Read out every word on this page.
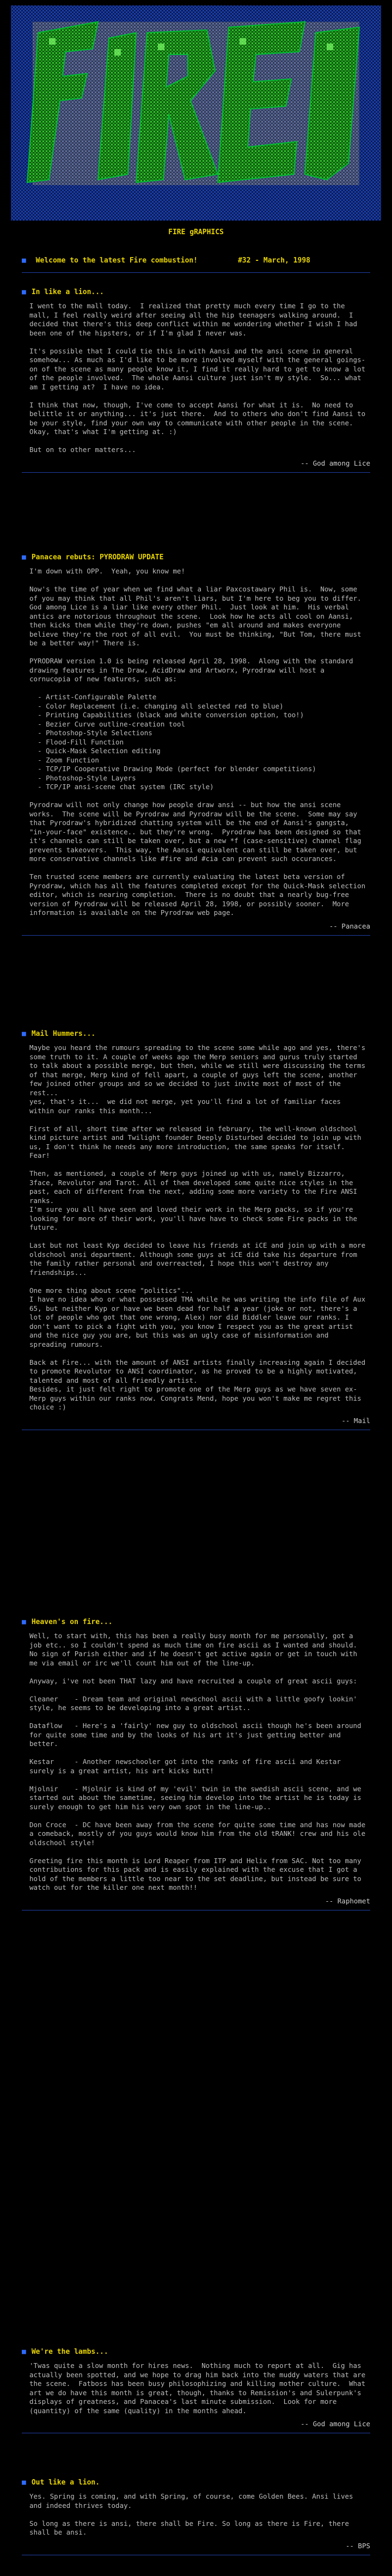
FIRE gRAPHICS
■ Welcome to the latest Fire combustion!	#32 - March, 1998
■ In like a lion...
I went to the mall today.  I realized that pretty much every time I go to the mall, I feel really weird after seeing all the hip teenagers walking around.  I decided that there's this deep conflict within me wondering whether I wish I had been one of the hipsters, or if I'm glad I never was.

It's possible that I could tie this in with Aansi and the ansi scene in general somehow... As much as I'd like to be more involved myself with the general goings-on of the scene as many people know it, I find it really hard to get to know a lot of the people involved.  The whole Aansi culture just isn't my style.  So... what am I getting at?  I have no idea.

I think that now, though, I've come to accept Aansi for what it is.  No need to belittle it or anything... it's just there.  And to others who don't find Aansi to be your style, find your own way to communicate with other people in the scene.  Okay, that's what I'm getting at. :)

But on to other matters...
-- God among Lice
■ Panacea rebuts: PYRODRAW UPDATE
I'm down with OPP.  Yeah, you know me!

Now's the time of year when we find what a liar Paxcostawary Phil is.  Now, some of you may think that all Phil's aren't liars, but I'm here to beg you to differ.  God among Lice is a liar like every other Phil.  Just look at him.  His verbal antics are notorious throughout the scene.  Look how he acts all cool on Aansi, then kicks them while they're down, pushes "em all around and makes everyone believe they're the root of all evil.  You must be thinking, "But Tom, there must be a better way!" There is.

PYRODRAW version 1.0 is being released April 28, 1998.  Along with the standard drawing features in The Draw, AcidDraw and Artworx, Pyrodraw will host a cornucopia of new features, such as:

- Artist-Configurable Palette
- Color Replacement (i.e. changing all selected red to blue)
- Printing Capabilities (black and white conversion option, too!)
- Bezier Curve outline-creation tool
- Photoshop-Style Selections
- Flood-Fill Function
- Quick-Mask Selection editing
- Zoom Function
- TCP/IP Cooperative Drawing Mode (perfect for blender competitions)
- Photoshop-Style Layers
- TCP/IP ansi-scene chat system (IRC style)

Pyrodraw will not only change how people draw ansi -- but how the ansi scene works.  The scene will be Pyrodraw and Pyrodraw will be the scene.  Some may say that Pyrodraw's hybridized chatting system will be the end of Aansi's gangsta, "in-your-face" existence.. but they're wrong.  Pyrodraw has been designed so that it's channels can still be taken over, but a new *f (case-sensitive) channel flag prevents takeovers.  This way, the Aansi equivalent can still be taken over, but more conservative channels like #fire and #cia can prevent such occurances.

Ten trusted scene members are currently evaluating the latest beta version of Pyrodraw, which has all the features completed except for the Quick-Mask selection editor, which is nearing completion.  There is no doubt that a nearly bug-free version of Pyrodraw will be released April 28, 1998, or possibly sooner.  More information is available on the Pyrodraw web page.
-- Panacea
■ Mail Hummers...
Maybe you heard the rumours spreading to the scene some while ago and yes, there's some truth to it. A couple of weeks ago the Merp seniors and gurus truly started to talk about a possible merge, but then, while we still were discussing the terms of that merge, Merp kind of fell apart, a couple of guys left the scene, another few joined other groups and so we decided to just invite most of most of the rest...
yes, that's it...  we did not merge, yet you'll find a lot of familiar faces within our ranks this month...

First of all, short time after we released in february, the well-known oldschool kind picture artist and Twilight founder Deeply Disturbed decided to join up with us, I don't think he needs any more introduction, the same speaks for itself. Fear!

Then, as mentioned, a couple of Merp guys joined up with us, namely Bizzarro, 3face, Revolutor and Tarot. All of them developed some quite nice styles in the past, each of different from the next, adding some more variety to the Fire ANSI ranks.
I'm sure you all have seen and loved their work in the Merp packs, so if you're looking for more of their work, you'll have have to check some Fire packs in the future.

Last but not least Kyp decided to leave his friends at iCE and join up with a more oldschool ansi department. Although some guys at iCE did take his departure from the family rather personal and overreacted, I hope this won't destroy any friendships...

One more thing about scene "politics"...
I have no idea who or what possessed TMA while he was writing the info file of Aux 65, but neither Kyp or have we been dead for half a year (joke or not, there's a lot of people who got that one wrong, Alex) nor did Biddler leave our ranks. I don't want to pick a fight with you, you know I respect you as the great artist and the nice guy you are, but this was an ugly case of misinformation and spreading rumours.

Back at Fire... with the amount of ANSI artists finally increasing again I decided to promote Revolutor to ANSI coordinator, as he proved to be a highly motivated, talented and most of all friendly artist.
Besides, it just felt right to promote one of the Merp guys as we have seven ex-Merp guys within our ranks now. Congrats Mend, hope you won't make me regret this choice :)
-- Mail
■ Heaven's on fire...
Well, to start with, this has been a really busy month for me personally, got a job etc.. so I couldn't spend as much time on fire ascii as I wanted and should.  No sign of Parish either and if he doesn't get active again or get in touch with me via email or irc we'll count him out of the line-up.

Anyway, i've not been THAT lazy and have recruited a couple of great ascii guys:

Cleaner    - Dream team and original newschool ascii with a little goofy lookin' style, he seems to be developing into a great artist..

Dataflow   - Here's a 'fairly' new guy to oldschool ascii though he's been around for quite some time and by the looks of his art it's just getting better and better.

Kestar     - Another newschooler got into the ranks of fire ascii and Kestar surely is a great artist, his art kicks butt!

Mjolnir    - Mjolnir is kind of my 'evil' twin in the swedish ascii scene, and we started out about the sametime, seeing him develop into the artist he is today is surely enough to get him his very own spot in the line-up..

Don Croce  - DC have been away from the scene for quite some time and has now made a comeback, mostly of you guys would know him from the old tRANK! crew and his ole oldschool style!

Greeting fire this month is Lord Reaper from ITP and Helix from SAC. Not too many contributions for this pack and is easily explained with the excuse that I got a hold of the members a little too near to the set deadline, but instead be sure to watch out for the killer one next month!!
-- Raphomet
■ We're the lambs...
'Twas quite a slow month for hires news.  Nothing much to report at all.  Gig has actually been spotted, and we hope to drag him back into the muddy waters that are the scene.  Fatboss has been busy philosophizing and killing mother culture.  What art we do have this month is great, though, thanks to Remission's and Sulerpunk's displays of greatness, and Panacea's last minute submission.  Look for more (quantity) of the same (quality) in the months ahead.
-- God among Lice
■ Out like a lion.
Yes. Spring is coming, and with Spring, of course, come Golden Bees. Ansi lives and indeed thrives today.

So long as there is ansi, there shall be Fire. So long as there is Fire, there shall be ansi.
-- BPS
